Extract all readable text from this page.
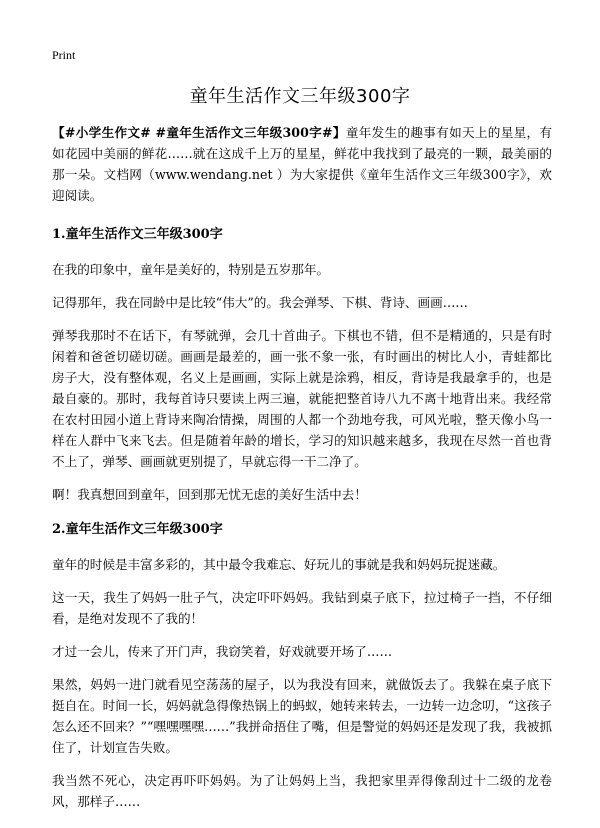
Print
童年生活作文三年级300字

【#小学生作文# #童年生活作文三年级300字#】童年发生的趣事有如天上的星星，有如花园中美丽的鲜花……就在这成千上万的星星，鲜花中我找到了最亮的一颗，最美丽的那一朵。文档网（www.wendang.net ）为大家提供《童年生活作文三年级300字》，欢迎阅读。

1.童年生活作文三年级300字

在我的印象中，童年是美好的，特别是五岁那年。

记得那年，我在同龄中是比较“伟大”的。我会弹琴、下棋、背诗、画画……

弹琴我那时不在话下，有琴就弹，会几十首曲子。下棋也不错，但不是精通的，只是有时闲着和爸爸切磋切磋。画画是最差的，画一张不象一张，有时画出的树比人小，青蛙都比房子大，没有整体观，名义上是画画，实际上就是涂鸦，相反，背诗是我最拿手的，也是最自豪的。那时，我每首诗只要读上两三遍，就能把整首诗八九不离十地背出来。我经常在农村田园小道上背诗来陶冶情操，周围的人都一个劲地夸我，可风光啦，整天像小鸟一样在人群中飞来飞去。但是随着年龄的增长，学习的知识越来越多，我现在尽然一首也背不上了，弹琴、画画就更别提了，早就忘得一干二净了。

啊！我真想回到童年，回到那无忧无虑的美好生活中去！

2.童年生活作文三年级300字

童年的时候是丰富多彩的，其中最令我难忘、好玩儿的事就是我和妈妈玩捉迷藏。

这一天，我生了妈妈一肚子气，决定吓吓妈妈。我钻到桌子底下，拉过椅子一挡，不仔细看，是绝对发现不了我的！

才过一会儿，传来了开门声，我窃笑着，好戏就要开场了……

果然，妈妈一进门就看见空荡荡的屋子，以为我没有回来，就做饭去了。我躲在桌子底下挺自在。时间一长，妈妈就急得像热锅上的蚂蚁，她转来转去，一边转一边念叨，“这孩子怎么还不回来？”“嘿嘿嘿嘿……”我拼命捂住了嘴，但是警觉的妈妈还是发现了我，我被抓住了，计划宣告失败。

我当然不死心，决定再吓吓妈妈。为了让妈妈上当，我把家里弄得像刮过十二级的龙卷风，那样子……
